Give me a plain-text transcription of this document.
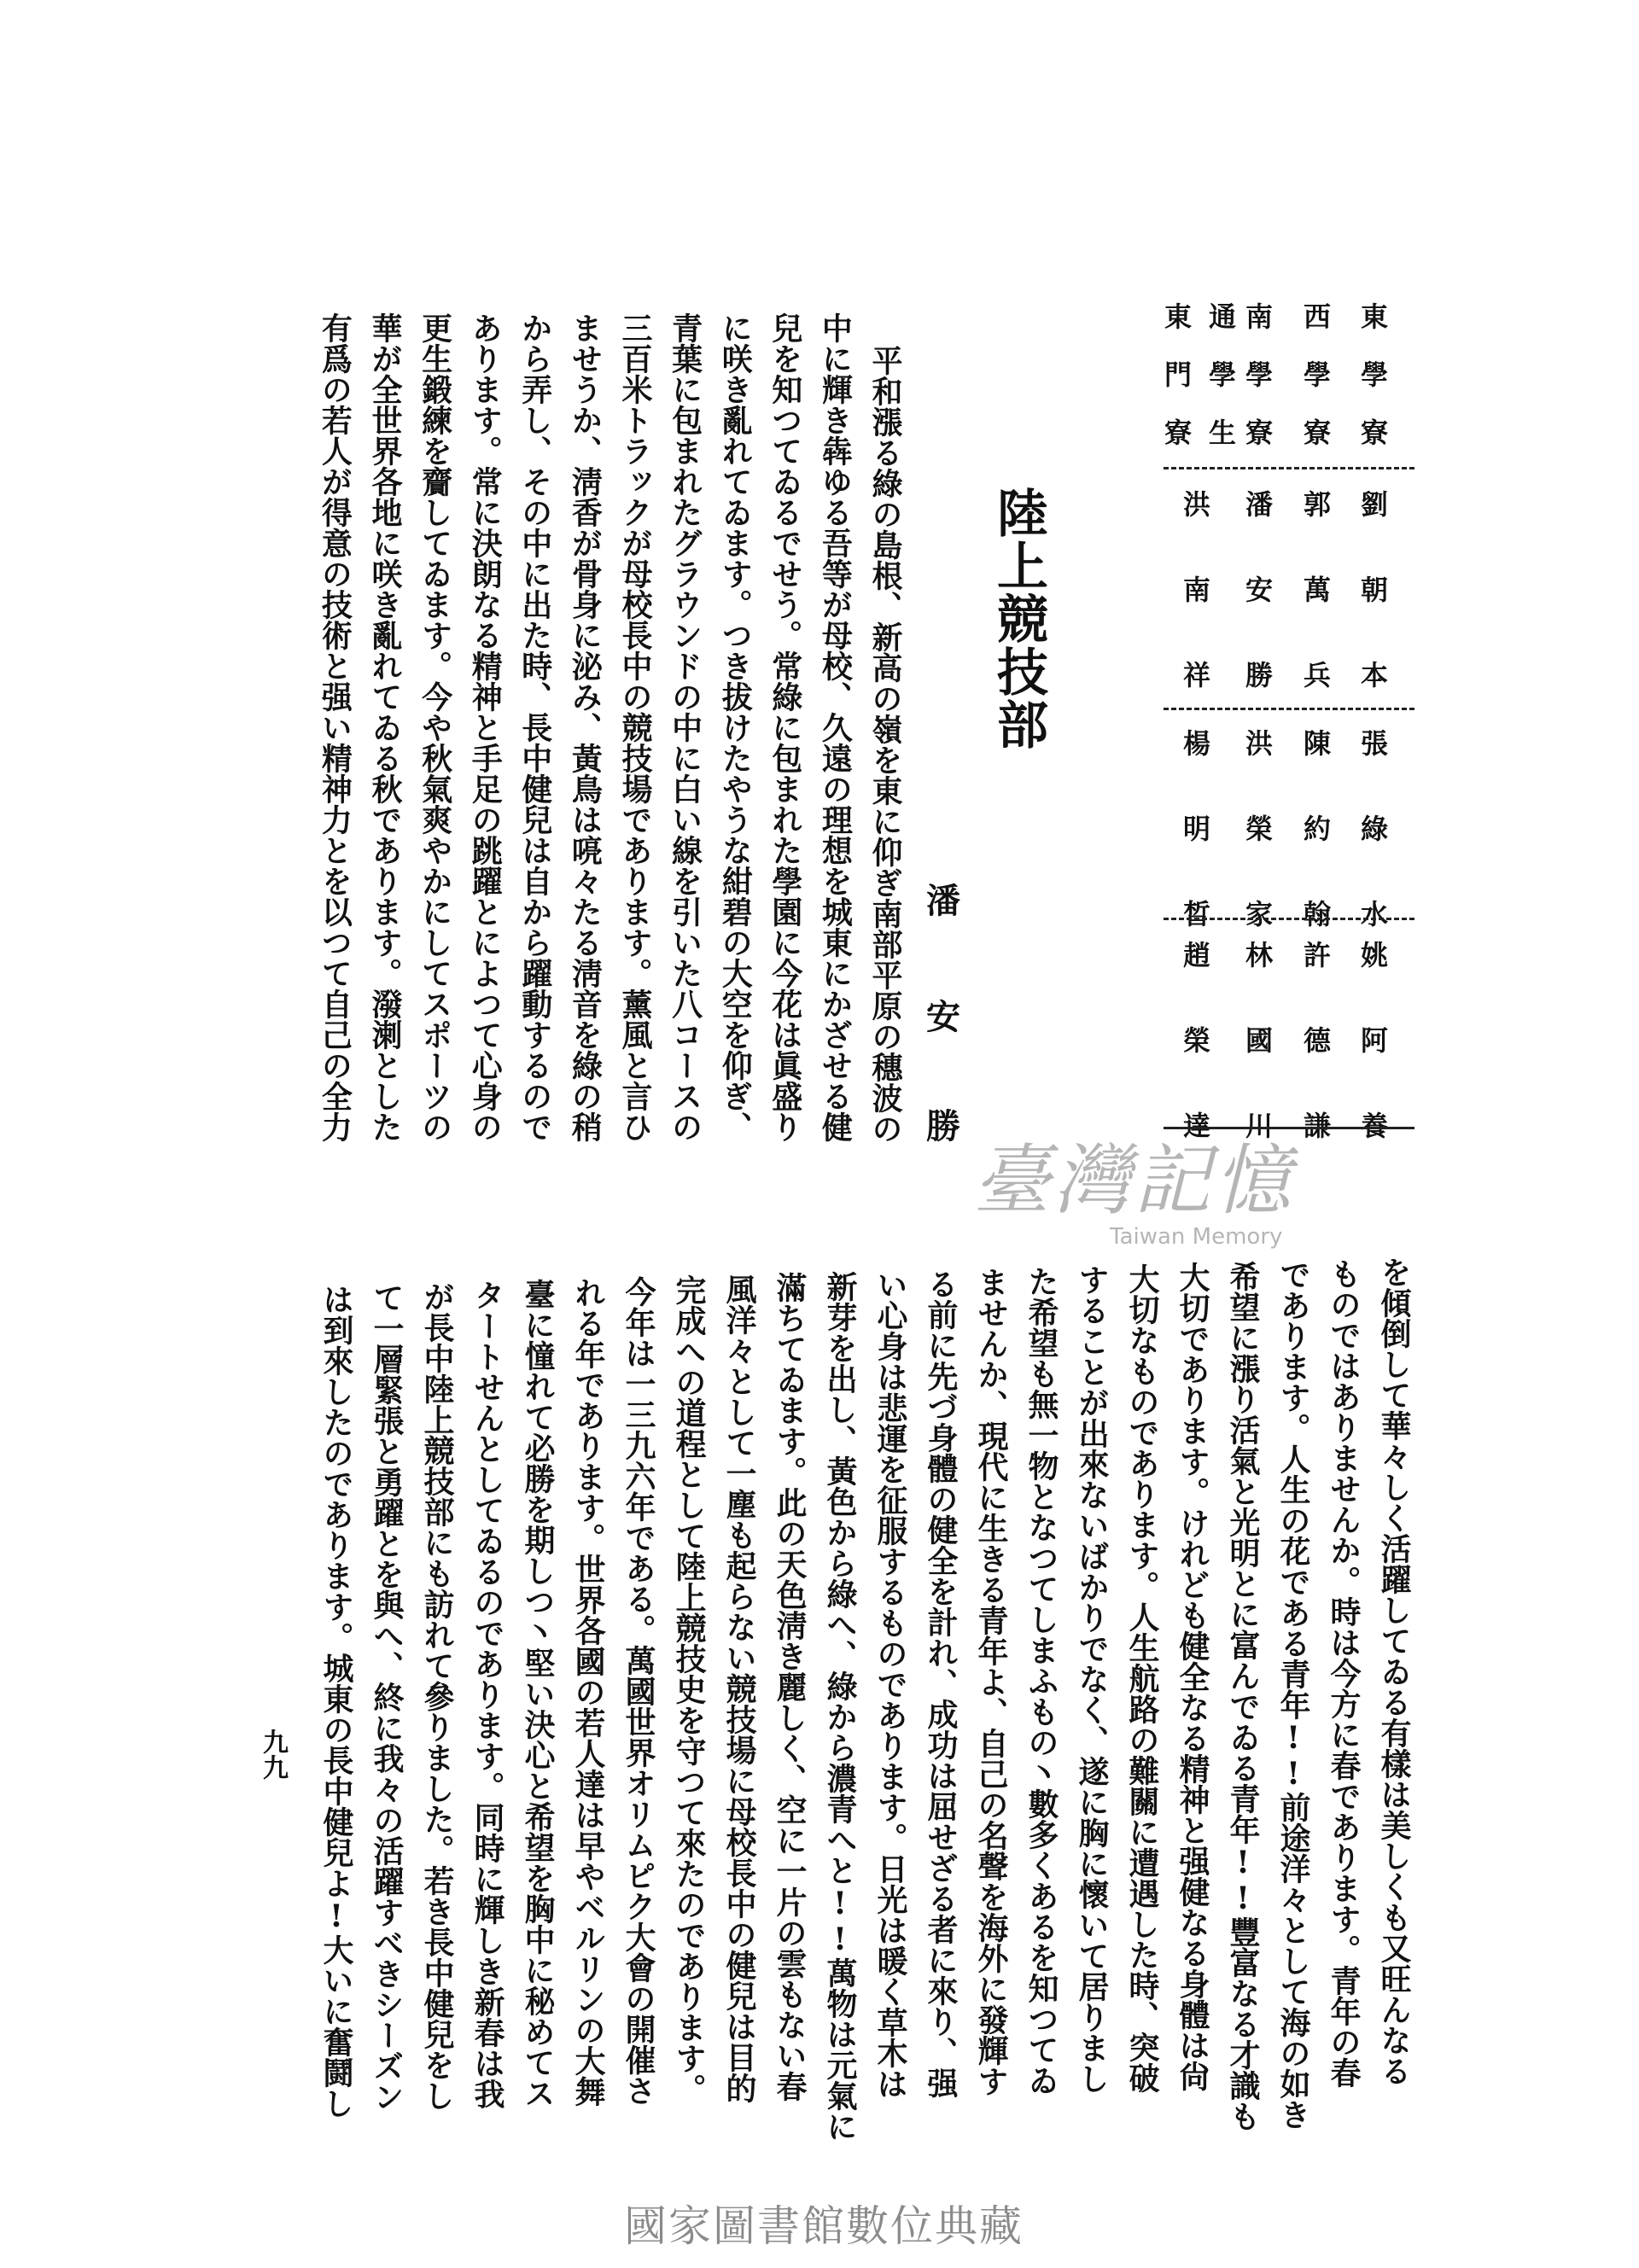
東學寮
劉朝本
張綠水
姚阿養
西學寮
郭萬兵
陳約翰
許德謙
南學寮
潘安勝
洪榮家
林國川
通學生
東門寮
洪南祥
楊明晳
趙榮達
陸上競技部
潘
安
勝
平和漲る綠の島根、新高の嶺を東に仰ぎ南部平原の穗波の
中に輝き犇ゆる吾等が母校、久遠の理想を城東にかざせる健
兒を知つてゐるでせう。常綠に包まれた學園に今花は眞盛り
に咲き亂れてゐます。つき拔けたやうな紺碧の大空を仰ぎ、
青葉に包まれたグラウンドの中に白い線を引いた八コースの
三百米トラックが母校長中の競技場であります。薰風と言ひ
ませうか、淸香が骨身に泌み、黃鳥は喨々たる淸音を綠の稍
から弄し、その中に出た時、長中健兒は自から躍動するので
あります。常に決朗なる精神と手足の跳躍とによつて心身の
更生鍛練を齎してゐます。今や秋氣爽やかにしてスポーツの
華が全世界各地に咲き亂れてゐる秋であります。潑溂とした
有爲の若人が得意の技術と强い精神力とを以つて自己の全力
を傾倒して華々しく活躍してゐる有樣は美しくも又旺んなる
ものではありませんか。時は今方に春であります。青年の春
であります。人生の花である青年!!前途洋々として海の如き
希望に漲り活氣と光明とに富んでゐる青年!!豐富なる才識も
大切であります。けれども健全なる精神と强健なる身體は尙
大切なものであります。人生航路の難關に遭遇した時、突破
することが出來ないばかりでなく、遂に胸に懷いて居りまし
た希望も無一物となつてしまふもの丶數多くあるを知つてゐ
ませんか、現代に生きる青年よ、自己の名聲を海外に發輝す
る前に先づ身體の健全を計れ、成功は屈せざる者に來り、强
い心身は悲運を征服するものであります。日光は暖く草木は
新芽を出し、黃色から綠へ、綠から濃青へと!!萬物は元氣に
滿ちてゐます。此の天色淸き麗しく、空に一片の雲もない春
風洋々として一塵も起らない競技場に母校長中の健兒は目的
完成への道程として陸上競技史を守つて來たのであります。
今年は一三九六年である。萬國世界オリムピク大會の開催さ
れる年であります。世界各國の若人達は早やベルリンの大舞
臺に憧れて必勝を期しつ丶堅い決心と希望を胸中に秘めてス
タートせんとしてゐるのであります。同時に輝しき新春は我
が長中陸上競技部にも訪れて參りました。若き長中健兒をし
て一層緊張と勇躍とを與へ、終に我々の活躍すべきシーズン
は到來したのであります。城東の長中健兒よ!大いに奮鬪し
九九
臺灣記憶
Taiwan Memory
國家圖書館數位典藏
